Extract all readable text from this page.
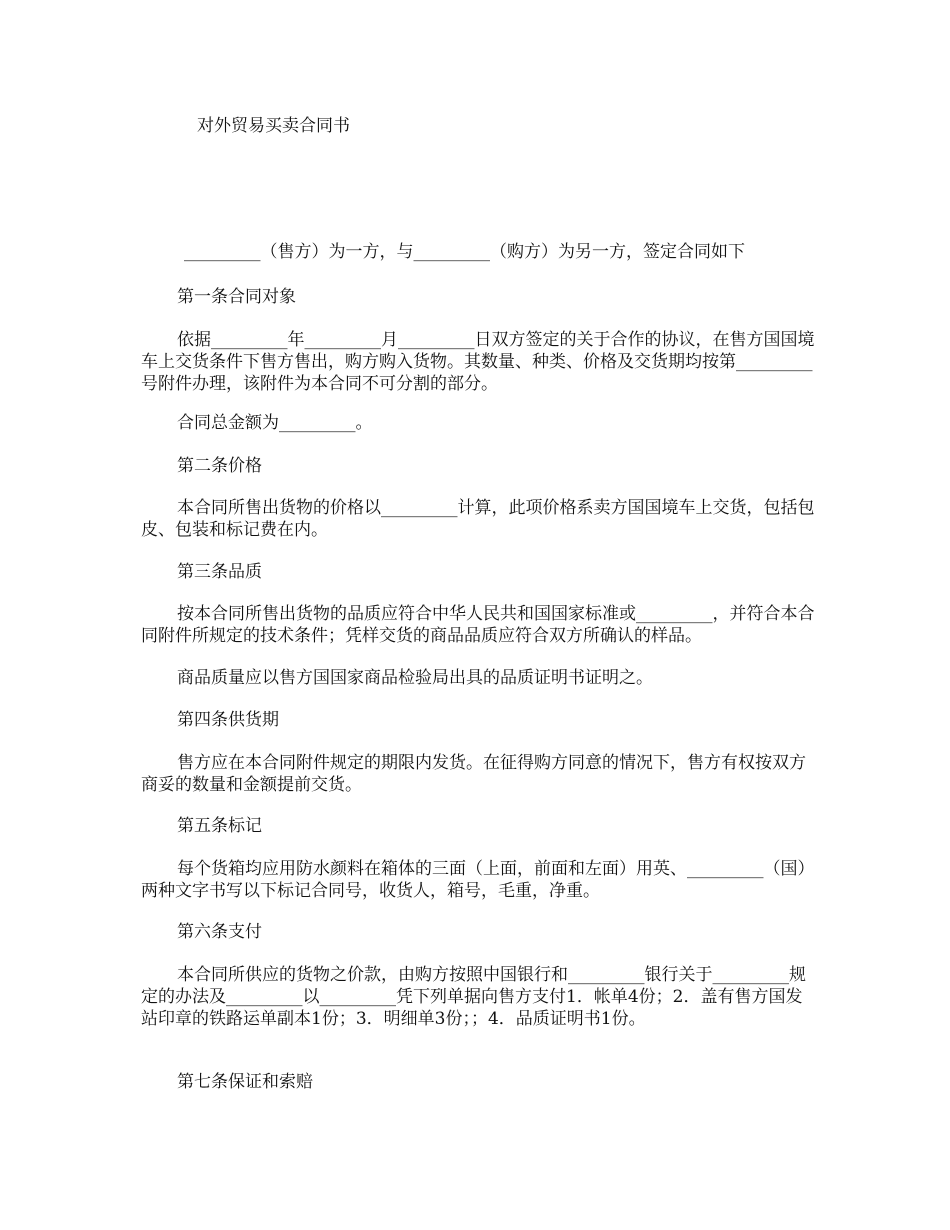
对外贸易买卖合同书

_________（售方）为一方，与_________（购方）为另一方，签定合同如下

第一条合同对象

依据_________年_________月_________日双方签定的关于合作的协议，在售方国国境车上交货条件下售方售出，购方购入货物。其数量、种类、价格及交货期均按第_________号附件办理，该附件为本合同不可分割的部分。

合同总金额为_________。

第二条价格

本合同所售出货物的价格以_________计算，此项价格系卖方国国境车上交货，包括包皮、包装和标记费在内。

第三条品质

按本合同所售出货物的品质应符合中华人民共和国国家标准或_________，并符合本合同附件所规定的技术条件；凭样交货的商品品质应符合双方所确认的样品。

商品质量应以售方国国家商品检验局出具的品质证明书证明之。

第四条供货期

售方应在本合同附件规定的期限内发货。在征得购方同意的情况下，售方有权按双方商妥的数量和金额提前交货。

第五条标记

每个货箱均应用防水颜料在箱体的三面（上面，前面和左面）用英、_________（国）两种文字书写以下标记合同号，收货人，箱号，毛重，净重。

第六条支付

本合同所供应的货物之价款，由购方按照中国银行和_________银行关于_________规定的办法及_________以_________凭下列单据向售方支付1．帐单4份；2．盖有售方国发站印章的铁路运单副本1份；3．明细单3份；；4．品质证明书1份。

第七条保证和索赔
